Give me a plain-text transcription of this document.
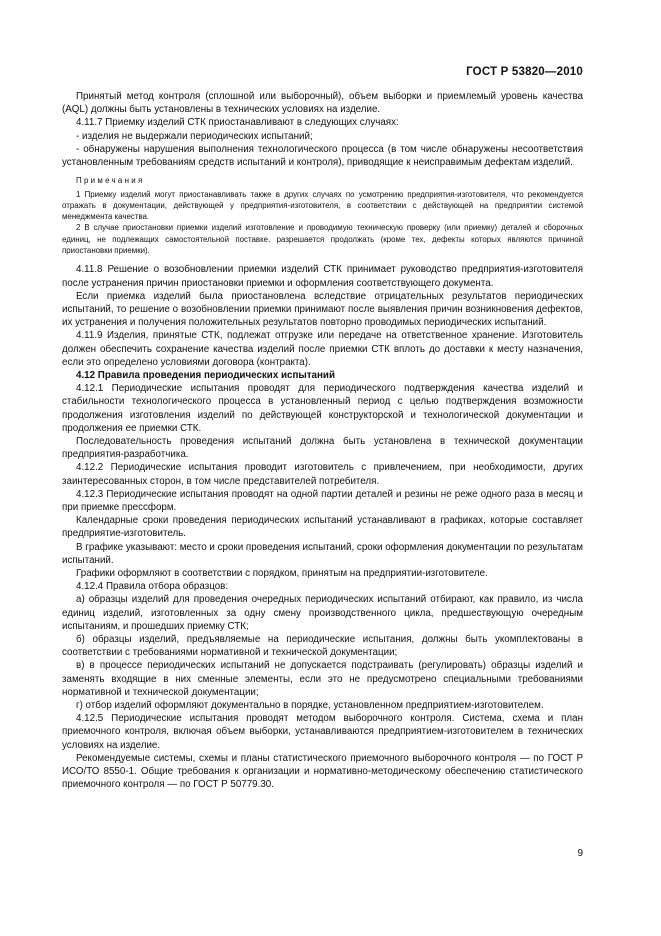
ГОСТ Р 53820—2010

Принятый метод контроля (сплошной или выборочный), объем выборки и приемлемый уровень качества (AQL) должны быть установлены в технических условиях на изделие.

4.11.7 Приемку изделий СТК приостанавливают в следующих случаях:

- изделия не выдержали периодических испытаний;

- обнаружены нарушения выполнения технологического процесса (в том числе обнаружены несоответствия установленным требованиям средств испытаний и контроля), приводящие к неисправимым дефектам изделий.

Примечания

1 Приемку изделий могут приостанавливать также в других случаях по усмотрению предприятия-изготовителя, что рекомендуется отражать в документации, действующей у предприятия-изготовителя, в соответствии с действующей на предприятии системой менеджмента качества.

2 В случае приостановки приемки изделий изготовление и проводимую техническую проверку (или приемку) деталей и сборочных единиц, не подлежащих самостоятельной поставке, разрешается продолжать (кроме тех, дефекты которых являются причиной приостановки приемки).

4.11.8 Решение о возобновлении приемки изделий СТК принимает руководство предприятия-изготовителя после устранения причин приостановки приемки и оформления соответствующего документа.

Если приемка изделий была приостановлена вследствие отрицательных результатов периодических испытаний, то решение о возобновлении приемки принимают после выявления причин возникновения дефектов, их устранения и получения положительных результатов повторно проводимых периодических испытаний.

4.11.9 Изделия, принятые СТК, подлежат отгрузке или передаче на ответственное хранение. Изготовитель должен обеспечить сохранение качества изделий после приемки СТК вплоть до доставки к месту назначения, если это определено условиями договора (контракта).

4.12 Правила проведения периодических испытаний

4.12.1 Периодические испытания проводят для периодического подтверждения качества изделий и стабильности технологического процесса в установленный период с целью подтверждения возможности продолжения изготовления изделий по действующей конструкторской и технологической документации и продолжения ее приемки СТК.

Последовательность проведения испытаний должна быть установлена в технической документации предприятия-разработчика.

4.12.2 Периодические испытания проводит изготовитель с привлечением, при необходимости, других заинтересованных сторон, в том числе представителей потребителя.

4.12.3 Периодические испытания проводят на одной партии деталей и резины не реже одного раза в месяц и при приемке прессформ.

Календарные сроки проведения периодических испытаний устанавливают в графиках, которые составляет предприятие-изготовитель.

В графике указывают: место и сроки проведения испытаний, сроки оформления документации по результатам испытаний.

Графики оформляют в соответствии с порядком, принятым на предприятии-изготовителе.

4.12.4 Правила отбора образцов:

а) образцы изделий для проведения очередных периодических испытаний отбирают, как правило, из числа единиц изделий, изготовленных за одну смену производственного цикла, предшествующую очередным испытаниям, и прошедших приемку СТК;

б) образцы изделий, предъявляемые на периодические испытания, должны быть укомплектованы в соответствии с требованиями нормативной и технической документации;

в) в процессе периодических испытаний не допускается подстраивать (регулировать) образцы изделий и заменять входящие в них сменные элементы, если это не предусмотрено специальными требованиями нормативной и технической документации;

г) отбор изделий оформляют документально в порядке, установленном предприятием-изготовителем.

4.12.5 Периодические испытания проводят методом выборочного контроля. Система, схема и план приемочного контроля, включая объем выборки, устанавливаются предприятием-изготовителем в технических условиях на изделие.

Рекомендуемые системы, схемы и планы статистического приемочного выборочного контроля — по ГОСТ Р ИСО/ТО 8550-1. Общие требования к организации и нормативно-методическому обеспечению статистического приемочного контроля — по ГОСТ Р 50779.30.

9
